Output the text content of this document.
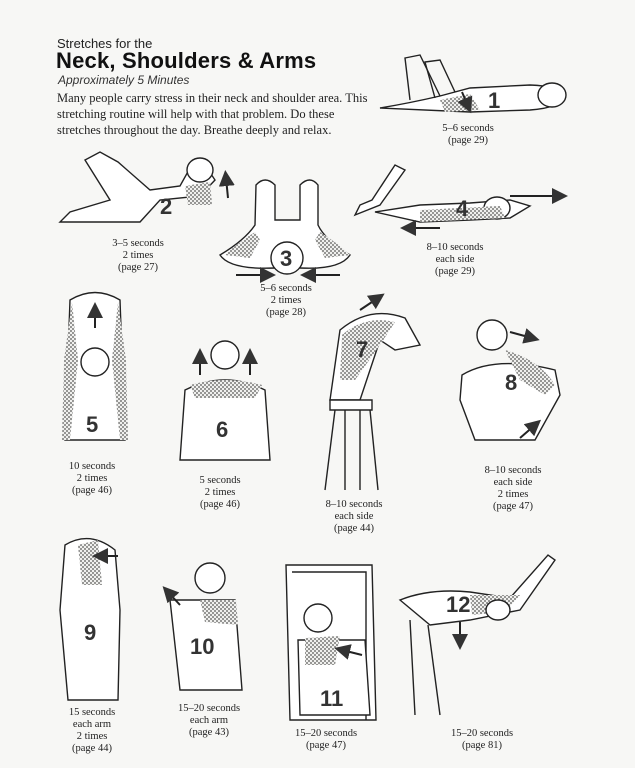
Stretches for the
Neck, Shoulders & Arms
Approximately 5 Minutes
Many people carry stress in their neck and shoulder area. This stretching routine will help with that problem. Do these stretches throughout the day. Breathe deeply and relax.
1
2
3
4
5	6
7
8
9
10
11
12
5–6 seconds
(page 29)
3–5 seconds
2 times
(page 27)
5–6 seconds
2 times
(page 28)
8–10 seconds
each side
(page 29)
10 seconds
2 times
(page 46)
5 seconds
2 times
(page 46)	8–10 seconds
each side
(page 44)
8–10 seconds
each side
2 times
(page 47)
15 seconds
each arm
2 times
(page 44)
15–20 seconds
each arm
(page 43)	15–20 seconds
(page 47)
15–20 seconds
(page 81)
